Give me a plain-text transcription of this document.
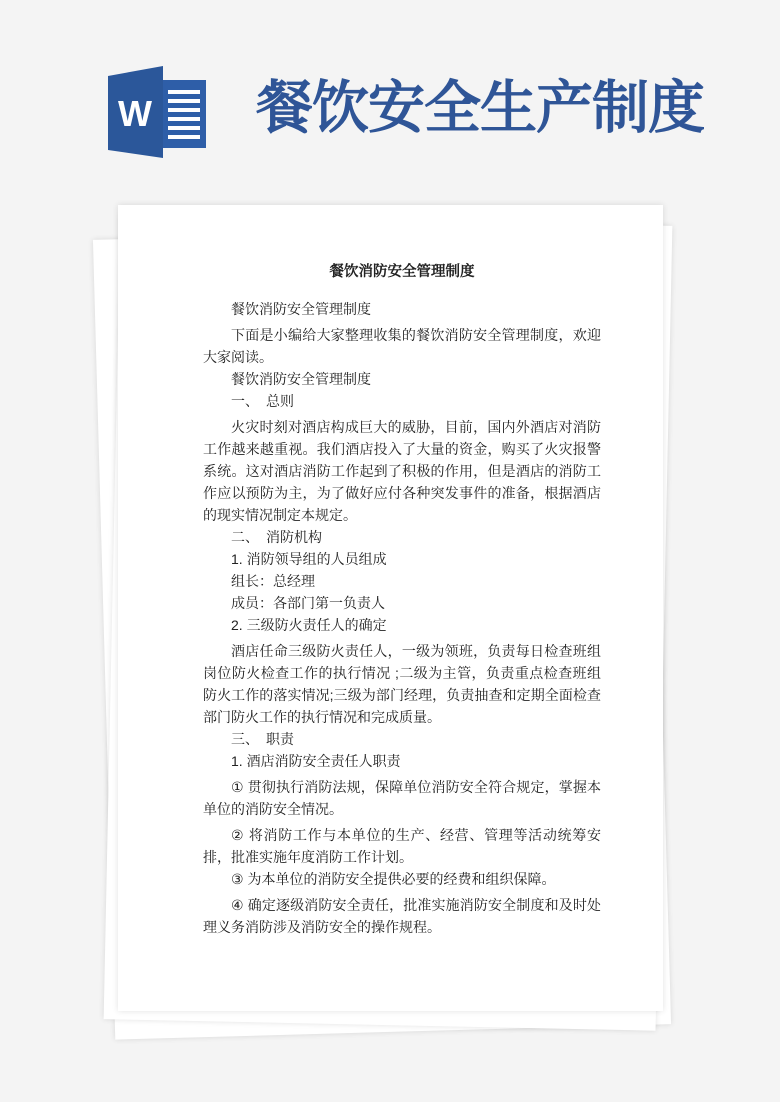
W 餐饮安全生产制度
餐饮消防安全管理制度

餐饮消防安全管理制度

下面是小编给大家整理收集的餐饮消防安全管理制度，欢迎大家阅读。

餐饮消防安全管理制度

一、　总则

火灾时刻对酒店构成巨大的威胁，目前，国内外酒店对消防工作越来越重视。我们酒店投入了大量的资金，购买了火灾报警系统。这对酒店消防工作起到了积极的作用，但是酒店的消防工作应以预防为主，为了做好应付各种突发事件的准备，根据酒店的现实情况制定本规定。

二、　消防机构

1. 消防领导组的人员组成

组长：总经理

成员：各部门第一负责人

2. 三级防火责任人的确定

酒店任命三级防火责任人，一级为领班，负责每日检查班组岗位防火检查工作的执行情况 ;二级为主管，负责重点检查班组防火工作的落实情况;三级为部门经理，负责抽查和定期全面检查部门防火工作的执行情况和完成质量。

三、　职责

1. 酒店消防安全责任人职责

① 贯彻执行消防法规，保障单位消防安全符合规定，掌握本单位的消防安全情况。

② 将消防工作与本单位的生产、经营、管理等活动统筹安排，批准实施年度消防工作计划。

③ 为本单位的消防安全提供必要的经费和组织保障。

④ 确定逐级消防安全责任，批准实施消防安全制度和及时处理义务消防涉及消防安全的操作规程。
